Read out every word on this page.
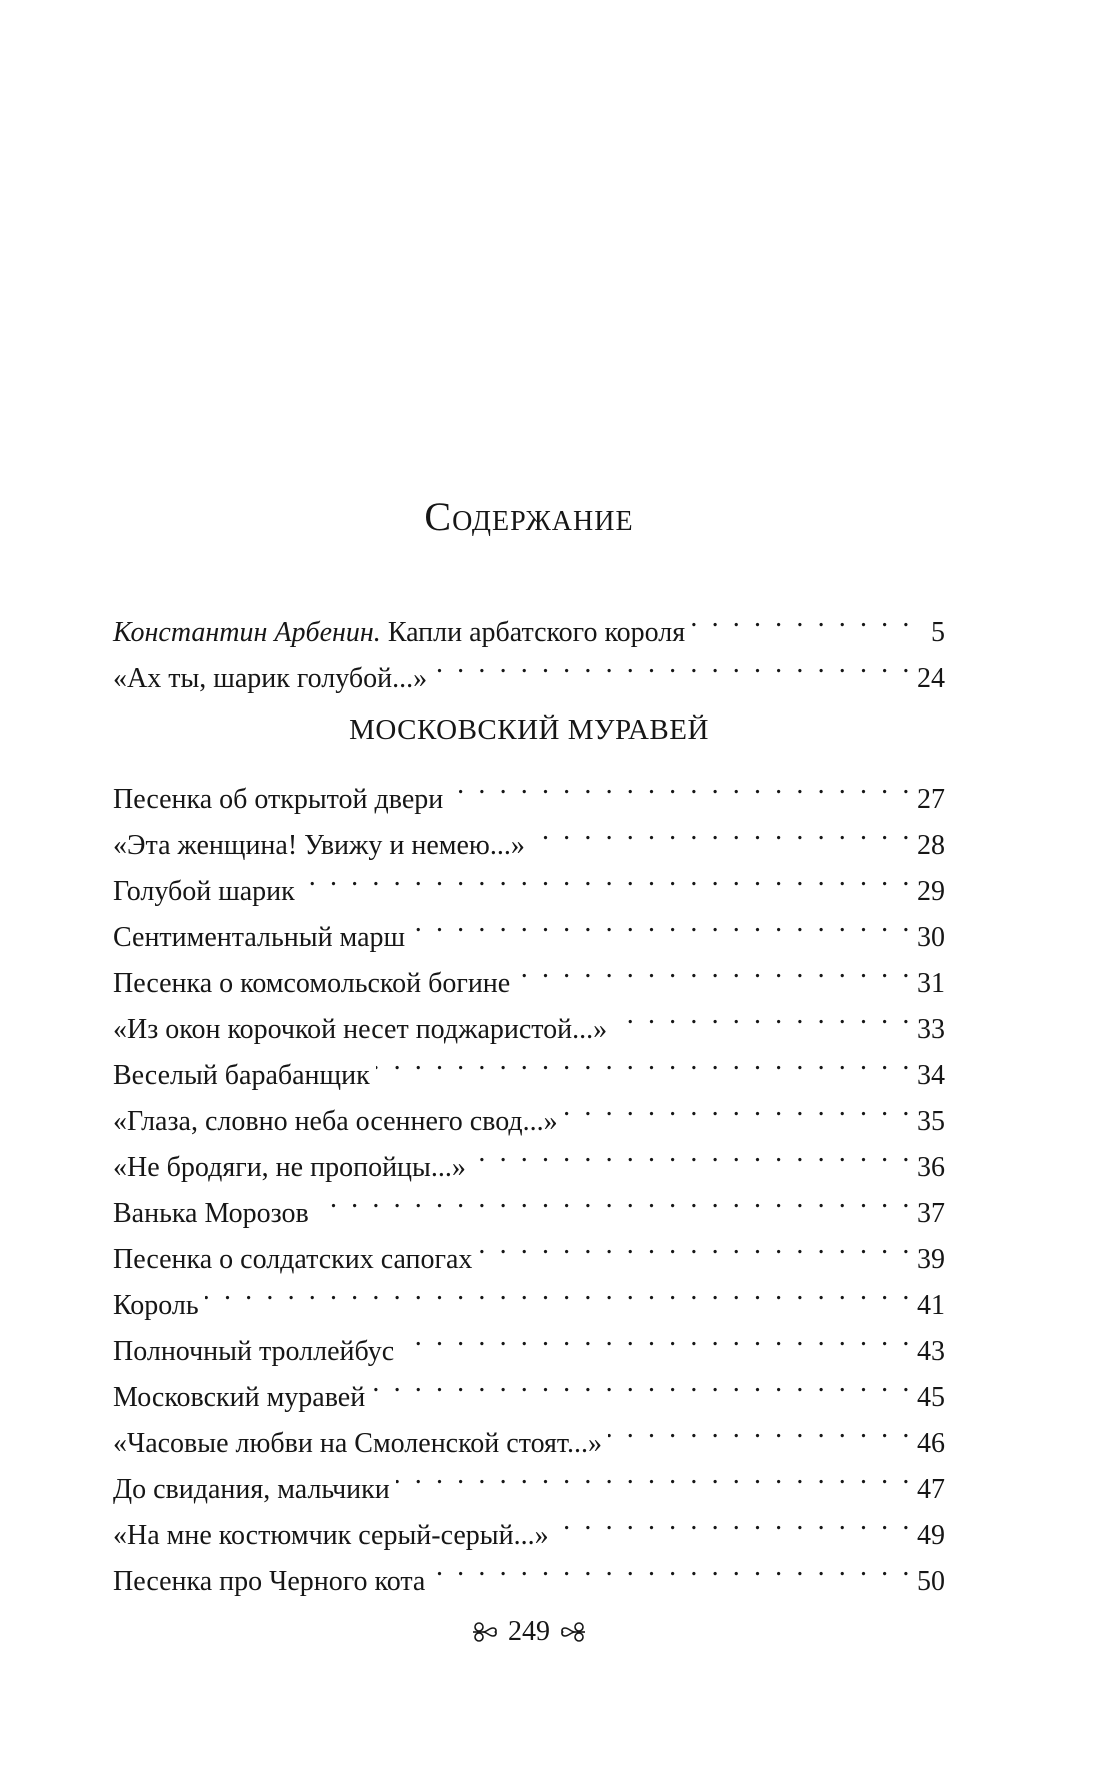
Содержание
Константин Арбенин. Капли арбатского короля . . .	5
«Ах ты, шарик голубой...» . . .	24
МОСКОВСКИЙ МУРАВЕЙ
Песенка об открытой двери . . .	27
«Эта женщина! Увижу и немею...» . . .	28
Голубой шарик . . .	29
Сентиментальный марш . . .	30
Песенка о комсомольской богине . . .	31
«Из окон корочкой несет поджаристой...» . . .	33
Веселый барабанщик . . .	34
«Глаза, словно неба осеннего свод...» . . .	35
«Не бродяги, не пропойцы...» . . .	36
Ванька Морозов . . .	37
Песенка о солдатских сапогах . . .	39
Король . . .	41
Полночный троллейбус . . .	43
Московский муравей . . .	45
«Часовые любви на Смоленской стоят...» . . .	46
До свидания, мальчики . . .	47
«На мне костюмчик серый-серый...» . . .	49
Песенка про Черного кота . . .	50
249
